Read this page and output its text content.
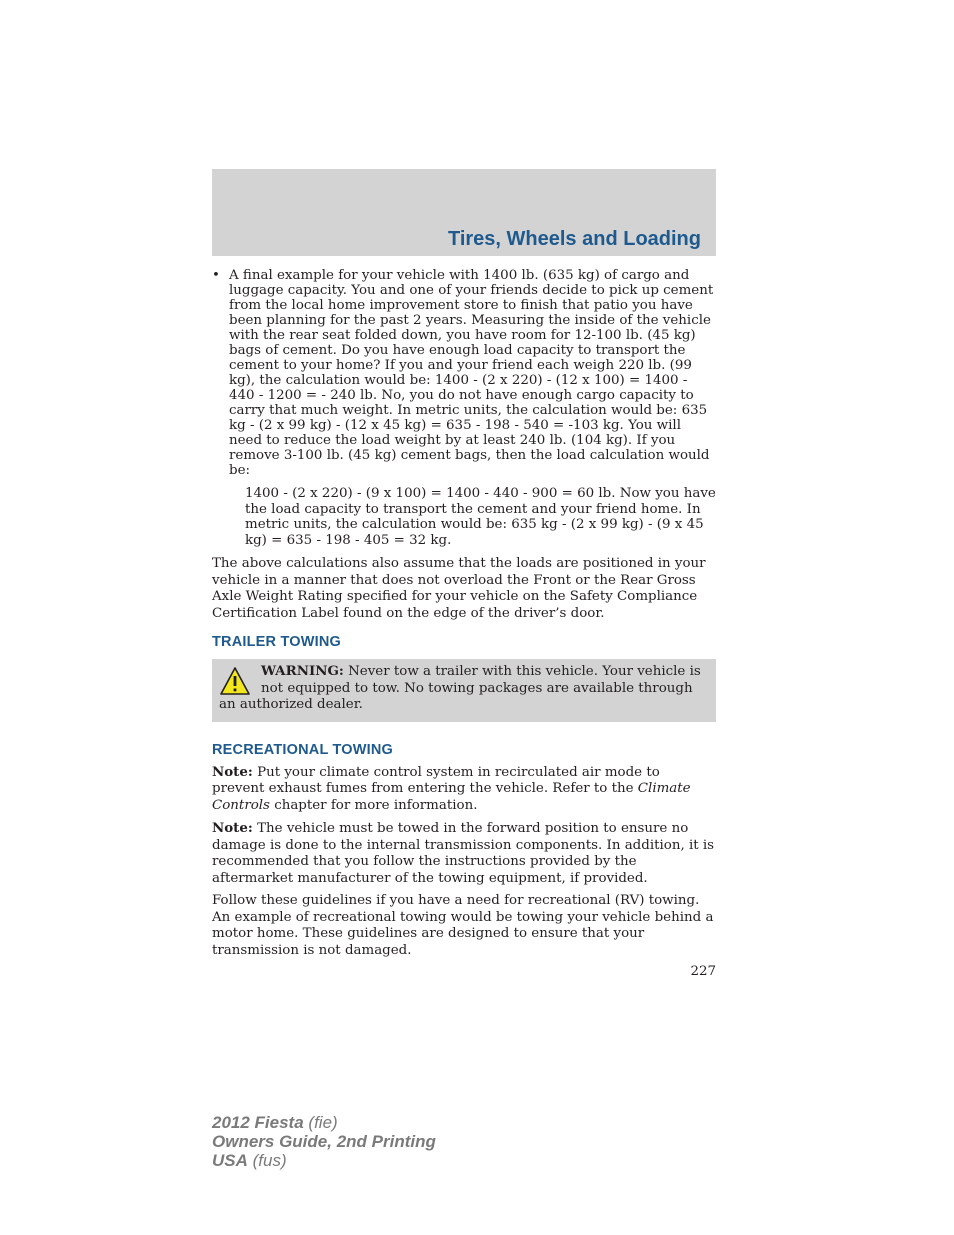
Tires, Wheels and Loading
• A final example for your vehicle with 1400 lb. (635 kg) of cargo and luggage capacity. You and one of your friends decide to pick up cement from the local home improvement store to finish that patio you have been planning for the past 2 years. Measuring the inside of the vehicle with the rear seat folded down, you have room for 12-100 lb. (45 kg) bags of cement. Do you have enough load capacity to transport the cement to your home? If you and your friend each weigh 220 lb. (99 kg), the calculation would be: 1400 - (2 x 220) - (12 x 100) = 1400 - 440 - 1200 = - 240 lb. No, you do not have enough cargo capacity to carry that much weight. In metric units, the calculation would be: 635 kg - (2 x 99 kg) - (12 x 45 kg) = 635 - 198 - 540 = -103 kg. You will need to reduce the load weight by at least 240 lb. (104 kg). If you remove 3-100 lb. (45 kg) cement bags, then the load calculation would be:
1400 - (2 x 220) - (9 x 100) = 1400 - 440 - 900 = 60 lb. Now you have the load capacity to transport the cement and your friend home. In metric units, the calculation would be: 635 kg - (2 x 99 kg) - (9 x 45 kg) = 635 - 198 - 405 = 32 kg.
The above calculations also assume that the loads are positioned in your vehicle in a manner that does not overload the Front or the Rear Gross Axle Weight Rating specified for your vehicle on the Safety Compliance Certification Label found on the edge of the driver’s door.
TRAILER TOWING
WARNING: Never tow a trailer with this vehicle. Your vehicle is not equipped to tow. No towing packages are available through an authorized dealer.
RECREATIONAL TOWING
Note: Put your climate control system in recirculated air mode to prevent exhaust fumes from entering the vehicle. Refer to the Climate Controls chapter for more information.
Note: The vehicle must be towed in the forward position to ensure no damage is done to the internal transmission components. In addition, it is recommended that you follow the instructions provided by the aftermarket manufacturer of the towing equipment, if provided.
Follow these guidelines if you have a need for recreational (RV) towing. An example of recreational towing would be towing your vehicle behind a motor home. These guidelines are designed to ensure that your transmission is not damaged.
227
2012 Fiesta (fie)
Owners Guide, 2nd Printing
USA (fus)
